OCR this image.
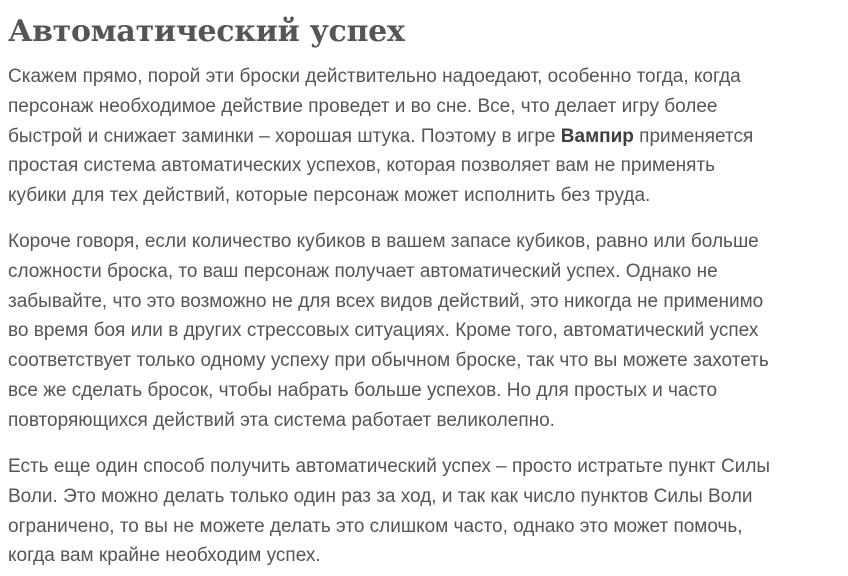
Автоматический успех
Скажем прямо, порой эти броски действительно надоедают, особенно тогда, когда
персонаж необходимое действие проведет и во сне. Все, что делает игру более
быстрой и снижает заминки – хорошая штука. Поэтому в игре Вампир применяется
простая система автоматических успехов, которая позволяет вам не применять
кубики для тех действий, которые персонаж может исполнить без труда.
Короче говоря, если количество кубиков в вашем запасе кубиков, равно или больше
сложности броска, то ваш персонаж получает автоматический успех. Однако не
забывайте, что это возможно не для всех видов действий, это никогда не применимо
во время боя или в других стрессовых ситуациях. Кроме того, автоматический успех
соответствует только одному успеху при обычном броске, так что вы можете захотеть
все же сделать бросок, чтобы набрать больше успехов. Но для простых и часто
повторяющихся действий эта система работает великолепно.
Есть еще один способ получить автоматический успех – просто истратьте пункт Силы
Воли. Это можно делать только один раз за ход, и так как число пунктов Силы Воли
ограничено, то вы не можете делать это слишком часто, однако это может помочь,
когда вам крайне необходим успех.
